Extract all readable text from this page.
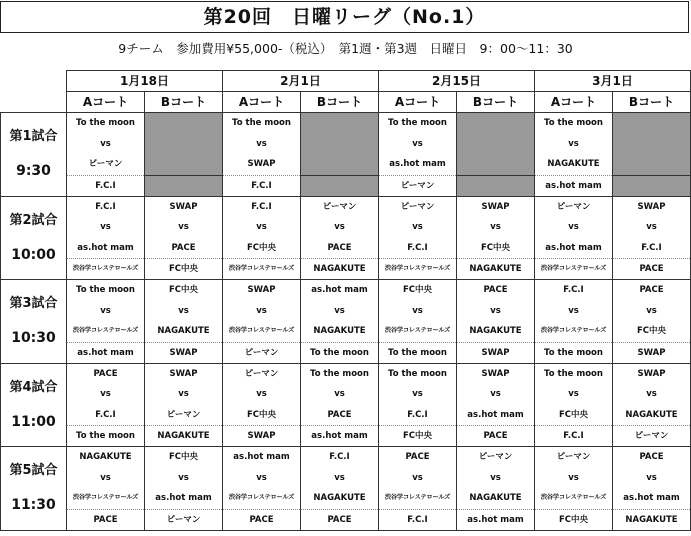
第20回　日曜リーグ（No.1）
9チーム　参加費用¥55,000-（税込）　第1週・第3週　日曜日　9：00〜11：30
	1月18日		2月1日		2月15日		3月1日	
	Aコート	Bコート	Aコート	Bコート	Aコート	Bコート	Aコート	Bコート

第1試合
9:30	To the moon		To the moon		To the moon		To the moon	
	vs		vs		vs		vs	
	ビーマン		SWAP		as.hot mam		NAGAKUTE	
	F.C.I		F.C.I		ピーマン		as.hot mam	

第2試合
10:00	F.C.I	SWAP	F.C.I	ピーマン	ピーマン	SWAP	ピーマン	SWAP
	vs	vs	vs	vs	vs	vs	vs	vs
	as.hot mam	PACE	FC中央	PACE	F.C.I	FC中央	as.hot mam	F.C.I
	渋谷学コレステロールズ	FC中央	渋谷学コレステロールズ	NAGAKUTE	渋谷学コレステロールズ	NAGAKUTE	渋谷学コレステロールズ	PACE

第3試合
10:30	To the moon	FC中央	SWAP	as.hot mam	FC中央	PACE	F.C.I	PACE
	vs	vs	vs	vs	vs	vs	vs	vs
	渋谷学コレステロールズ	NAGAKUTE	渋谷学コレステロールズ	NAGAKUTE	渋谷学コレステロールズ	NAGAKUTE	渋谷学コレステロールズ	FC中央
	as.hot mam	SWAP	ピーマン	To the moon	To the moon	SWAP	To the moon	SWAP

第4試合
11:00	PACE	SWAP	ピーマン	To the moon	To the moon	SWAP	To the moon	SWAP
	vs	vs	vs	vs	vs	vs	vs	vs
	F.C.I	ピーマン	FC中央	PACE	F.C.I	as.hot mam	FC中央	NAGAKUTE
	To the moon	NAGAKUTE	SWAP	as.hot mam	FC中央	PACE	F.C.I	ピーマン

第5試合
11:30	NAGAKUTE	FC中央	as.hot mam	F.C.I	PACE	ピーマン	ピーマン	PACE
	vs	vs	vs	vs	vs	vs	vs	vs
	渋谷学コレステロールズ	as.hot mam	渋谷学コレステロールズ	NAGAKUTE	渋谷学コレステロールズ	NAGAKUTE	渋谷学コレステロールズ	as.hot mam
	PACE	ピーマン	PACE	PACE	F.C.I	as.hot mam	FC中央	NAGAKUTE
